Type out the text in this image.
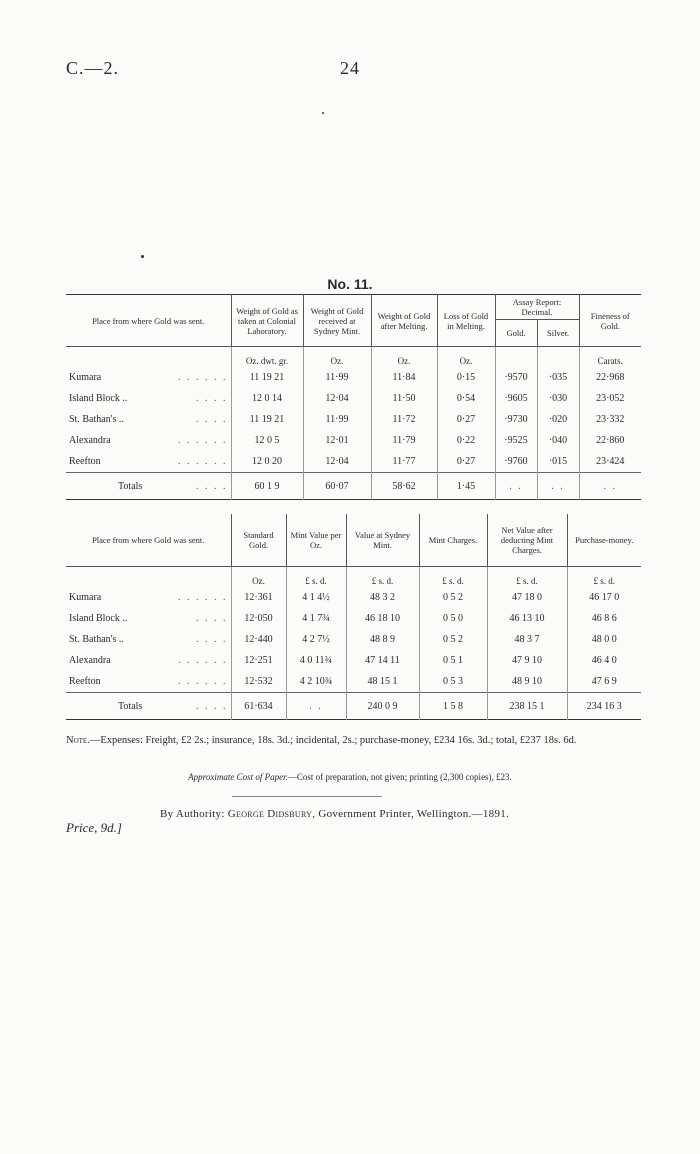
C.—2.	24
No. 11.
Place from where Gold was sent.	Weight of Gold as taken at Colonial Laboratory.	Weight of Gold received at Sydney Mint.	Weight of Gold after Melting.	Loss of Gold in Melting.	Assay Report: Decimal.		Fineness of Gold.
					Gold.	Silver.	
	Oz. dwt. gr.	Oz.	Oz.	Oz.			Carats.

Kumara . . . . . .	11 19 21	11·99	11·84	0·15	·9570	·035	22·968

Island Block .. . . . .	12 0 14	12·04	11·50	0·54	·9605	·030	23·052

St. Bathan's .. . . . .	11 19 21	11·99	11·72	0·27	·9730	·020	23·332

Alexandra . . . . . .	12 0 5	12·01	11·79	0·22	·9525	·040	22·860

Reefton . . . . . .	12 0 20	12·04	11·77	0·27	·9760	·015	23·424

Totals . . . .	60 1 9	60·07	58·62	1·45	. .	. .	. .
Place from where Gold was sent.	Standard Gold.	Mint Value per Oz.	Value at Sydney Mint.	Mint Charges.	Net Value after deducting Mint Charges.	Purchase-money.
	Oz.	£ s. d.	£ s. d.	£ s. d.	£ s. d.	£ s. d.

Kumara . . . . . .	12·361	4 1 4½	48 3 2	0 5 2	47 18 0	46 17 0

Island Block .. . . . .	12·050	4 1 7¾	46 18 10	0 5 0	46 13 10	46 8 6

St. Bathan's .. . . . .	12·440	4 2 7½	48 8 9	0 5 2	48 3 7	48 0 0

Alexandra . . . . . .	12·251	4 0 11¾	47 14 11	0 5 1	47 9 10	46 4 0

Reefton . . . . . .	12·532	4 2 10¾	48 15 1	0 5 3	48 9 10	47 6 9

Totals . . . .	61·634	. .	240 0 9	1 5 8	238 15 1	234 16 3
Note.—Expenses: Freight, £2 2s.; insurance, 18s. 3d.; incidental, 2s.; purchase-money, £234 16s. 3d.; total, £237 18s. 6d.
Approximate Cost of Paper.—Cost of preparation, not given; printing (2,300 copies), £23.
By Authority: George Didsbury, Government Printer, Wellington.—1891.
Price, 9d.]
